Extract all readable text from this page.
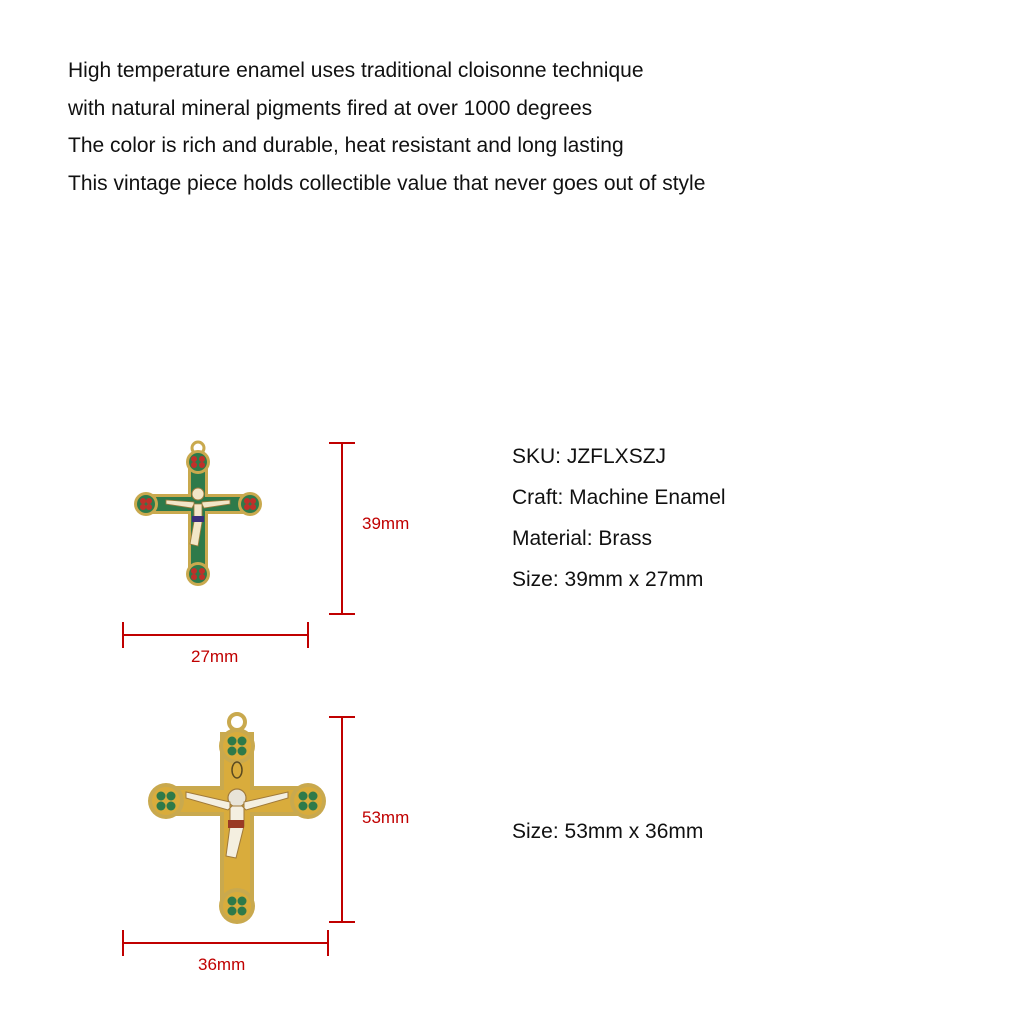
High temperature enamel uses traditional cloisonne technique
with natural mineral pigments fired at over 1000 degrees
The color is rich and durable, heat resistant and long lasting
This vintage piece holds collectible value that never goes out of style
39mm
27mm
53mm
36mm
SKU: JZFLXSZJ
Craft: Machine Enamel
Material: Brass
Size: 39mm x 27mm
Size: 53mm x 36mm
